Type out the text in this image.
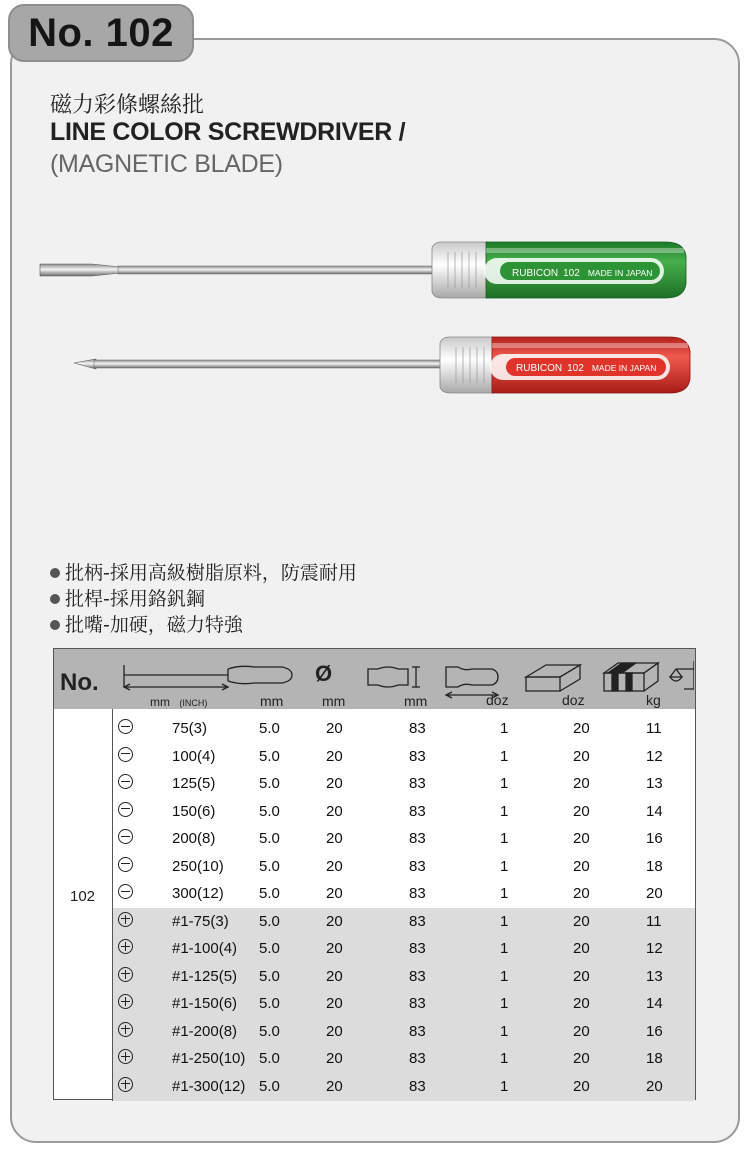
No. 102
磁力彩條螺絲批
LINE COLOR SCREWDRIVER /
(MAGNETIC BLADE)
RUBICON 102 MADE IN JAPAN
RUBICON 102 MADE IN JAPAN
批柄-採用高級樹脂原料，防震耐用
批桿-採用鉻釩鋼
批嘴-加硬，磁力特強
No.	Ø
mm (INCH)	mm	mm	mm	doz	doz	kg
102
75(3)	5.0	20	83	1	20	11
100(4)	5.0	20	83	1	20	12
125(5)	5.0	20	83	1	20	13
150(6)	5.0	20	83	1	20	14
200(8)	5.0	20	83	1	20	16
250(10) 5.0	20	83	1	20	18
300(12) 5.0	20	83	1	20	20
#1-75(3) 5.0	20	83	1	20	11
#1-100(4) 5.0	20	83	1	20	12
#1-125(5) 5.0	20	83	1	20	13
#1-150(6) 5.0	20	83	1	20	14
#1-200(8) 5.0	20	83	1	20	16
#1-250(10) 5.0	20	83	1	20	18
#1-300(12) 5.0	20	83	1	20	20
